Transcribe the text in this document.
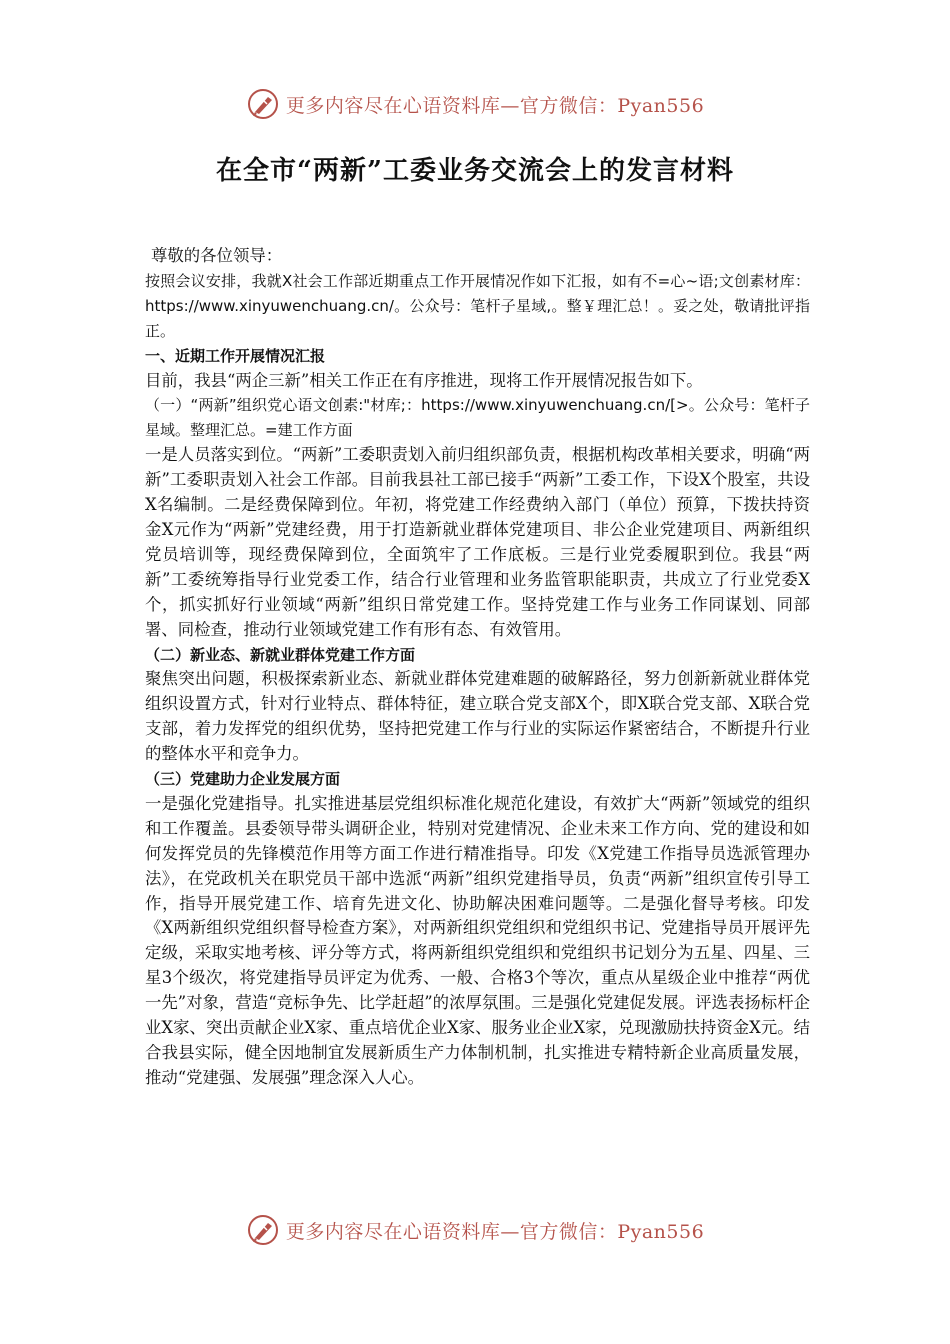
更多内容尽在心语资料库—官方微信：Pyan556
在全市“两新”工委业务交流会上的发言材料

尊敬的各位领导：

按照会议安排，我就X社会工作部近期重点工作开展情况作如下汇报，如有不=心~语;文创素材库：https://www.xinyuwenchuang.cn/。公众号：笔杆子星域,。整￥理汇总！。妥之处，敬请批评指正。

一、近期工作开展情况汇报

目前，我县“两企三新”相关工作正在有序推进，现将工作开展情况报告如下。

（一）“两新”组织党心语文创素:"材库;：https://www.xinyuwenchuang.cn/[>。公众号：笔杆子星域。整理汇总。=建工作方面

一是人员落实到位。“两新”工委职责划入前归组织部负责，根据机构改革相关要求，明确“两新”工委职责划入社会工作部。目前我县社工部已接手“两新”工委工作，下设X个股室，共设X名编制。二是经费保障到位。年初，将党建工作经费纳入部门（单位）预算，下拨扶持资金X元作为“两新”党建经费，用于打造新就业群体党建项目、非公企业党建项目、两新组织党员培训等，现经费保障到位，全面筑牢了工作底板。三是行业党委履职到位。我县“两新”工委统筹指导行业党委工作，结合行业管理和业务监管职能职责，共成立了行业党委X个，抓实抓好行业领域“两新”组织日常党建工作。坚持党建工作与业务工作同谋划、同部署、同检查，推动行业领域党建工作有形有态、有效管用。

（二）新业态、新就业群体党建工作方面

聚焦突出问题，积极探索新业态、新就业群体党建难题的破解路径，努力创新新就业群体党组织设置方式，针对行业特点、群体特征，建立联合党支部X个，即X联合党支部、X联合党支部，着力发挥党的组织优势，坚持把党建工作与行业的实际运作紧密结合，不断提升行业的整体水平和竞争力。

（三）党建助力企业发展方面

一是强化党建指导。扎实推进基层党组织标准化规范化建设，有效扩大“两新”领域党的组织和工作覆盖。县委领导带头调研企业，特别对党建情况、企业未来工作方向、党的建设和如何发挥党员的先锋模范作用等方面工作进行精准指导。印发《X党建工作指导员选派管理办法》，在党政机关在职党员干部中选派“两新”组织党建指导员，负责“两新”组织宣传引导工作，指导开展党建工作、培育先进文化、协助解决困难问题等。二是强化督导考核。印发《X两新组织党组织督导检查方案》，对两新组织党组织和党组织书记、党建指导员开展评先定级，采取实地考核、评分等方式，将两新组织党组织和党组织书记划分为五星、四星、三星3个级次，将党建指导员评定为优秀、一般、合格3个等次，重点从星级企业中推荐“两优一先”对象，营造“竞标争先、比学赶超”的浓厚氛围。三是强化党建促发展。评选表扬标杆企业X家、突出贡献企业X家、重点培优企业X家、服务业企业X家，兑现激励扶持资金X元。结合我县实际，健全因地制宜发展新质生产力体制机制，扎实推进专精特新企业高质量发展，推动“党建强、发展强”理念深入人心。

更多内容尽在心语资料库—官方微信：Pyan556
